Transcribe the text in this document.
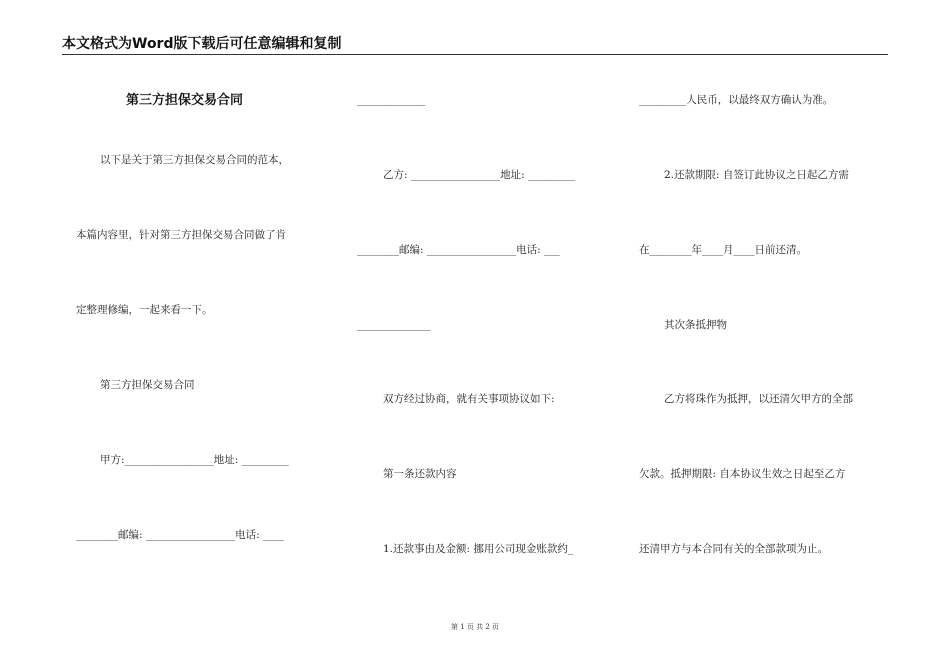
本文格式为Word版下载后可任意编辑和复制
第三方担保交易合同
以下是关于第三方担保交易合同的范本，
本篇内容里，针对第三方担保交易合同做了肯
定整理修编，一起来看一下。
第三方担保交易合同
甲方:_________________地址: _________
________邮编: _________________电话: ____
_____________
乙方: _________________地址: _________
________邮编: _________________电话: ___
______________
双方经过协商，就有关事项协议如下:
第一条还款内容
1.还款事由及金额: 挪用公司现金账款约_
_________人民币，以最终双方确认为准。
2.还款期限: 自签订此协议之日起乙方需
在________年____月____日前还清。
其次条抵押物
乙方将珠作为抵押，以还清欠甲方的全部
欠款。抵押期限: 自本协议生效之日起至乙方
还清甲方与本合同有关的全部款项为止。
第 1 页 共 2 页
